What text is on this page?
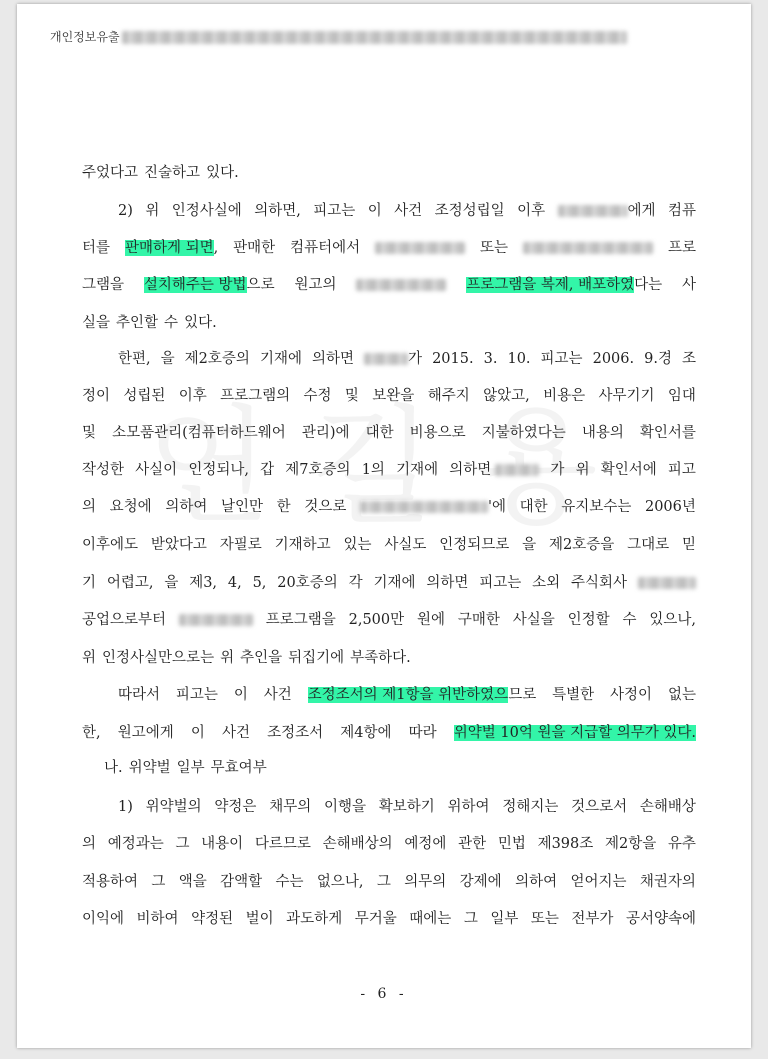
개인정보유출
주었다고 진술하고 있다.
2) 위 인정사실에 의하면, 피고는 이 사건 조정성립일 이후	에게 컴퓨
터를 판매하게 되면, 판매한 컴퓨터에서	또는	프로
그램을 설치해주는 방법으로 원고의	프로그램을 복제, 배포하였다는 사
실을 추인할 수 있다.
한편, 을 제2호증의 기재에 의하면	가 2015. 3. 10. 피고는 2006. 9.경 조
정이 성립된 이후 프로그램의 수정 및 보완을 해주지 않았고, 비용은 사무기기 임대
및 소모품관리(컴퓨터하드웨어 관리)에 대한 비용으로 지불하였다는 내용의 확인서를
작성한 사실이 인정되나, 갑 제7호증의 1의 기재에 의하면	가 위 확인서에 피고
의 요청에 의하여 날인만 한 것으로	'에 대한 유지보수는 2006년
이후에도 받았다고 자필로 기재하고 있는 사실도 인정되므로 을 제2호증을 그대로 믿
기 어렵고, 을 제3, 4, 5, 20호증의 각 기재에 의하면 피고는 소외 주식회사
공업으로부터	프로그램을 2,500만 원에 구매한 사실을 인정할 수 있으나,
위 인정사실만으로는 위 추인을 뒤집기에 부족하다.
따라서 피고는 이 사건 조정조서의 제1항을 위반하였으므로 특별한 사정이 없는
한, 원고에게 이 사건 조정조서 제4항에 따라 위약벌 10억 원을 지급할 의무가 있다.
나. 위약벌 일부 무효여부
1) 위약벌의 약정은 채무의 이행을 확보하기 위하여 정해지는 것으로서 손해배상
의 예정과는 그 내용이 다르므로 손해배상의 예정에 관한 민법 제398조 제2항을 유추
적용하여 그 액을 감액할 수는 없으나, 그 의무의 강제에 의하여 얻어지는 채권자의
이익에 비하여 약정된 벌이 과도하게 무거울 때에는 그 일부 또는 전부가 공서양속에
- 6 -
